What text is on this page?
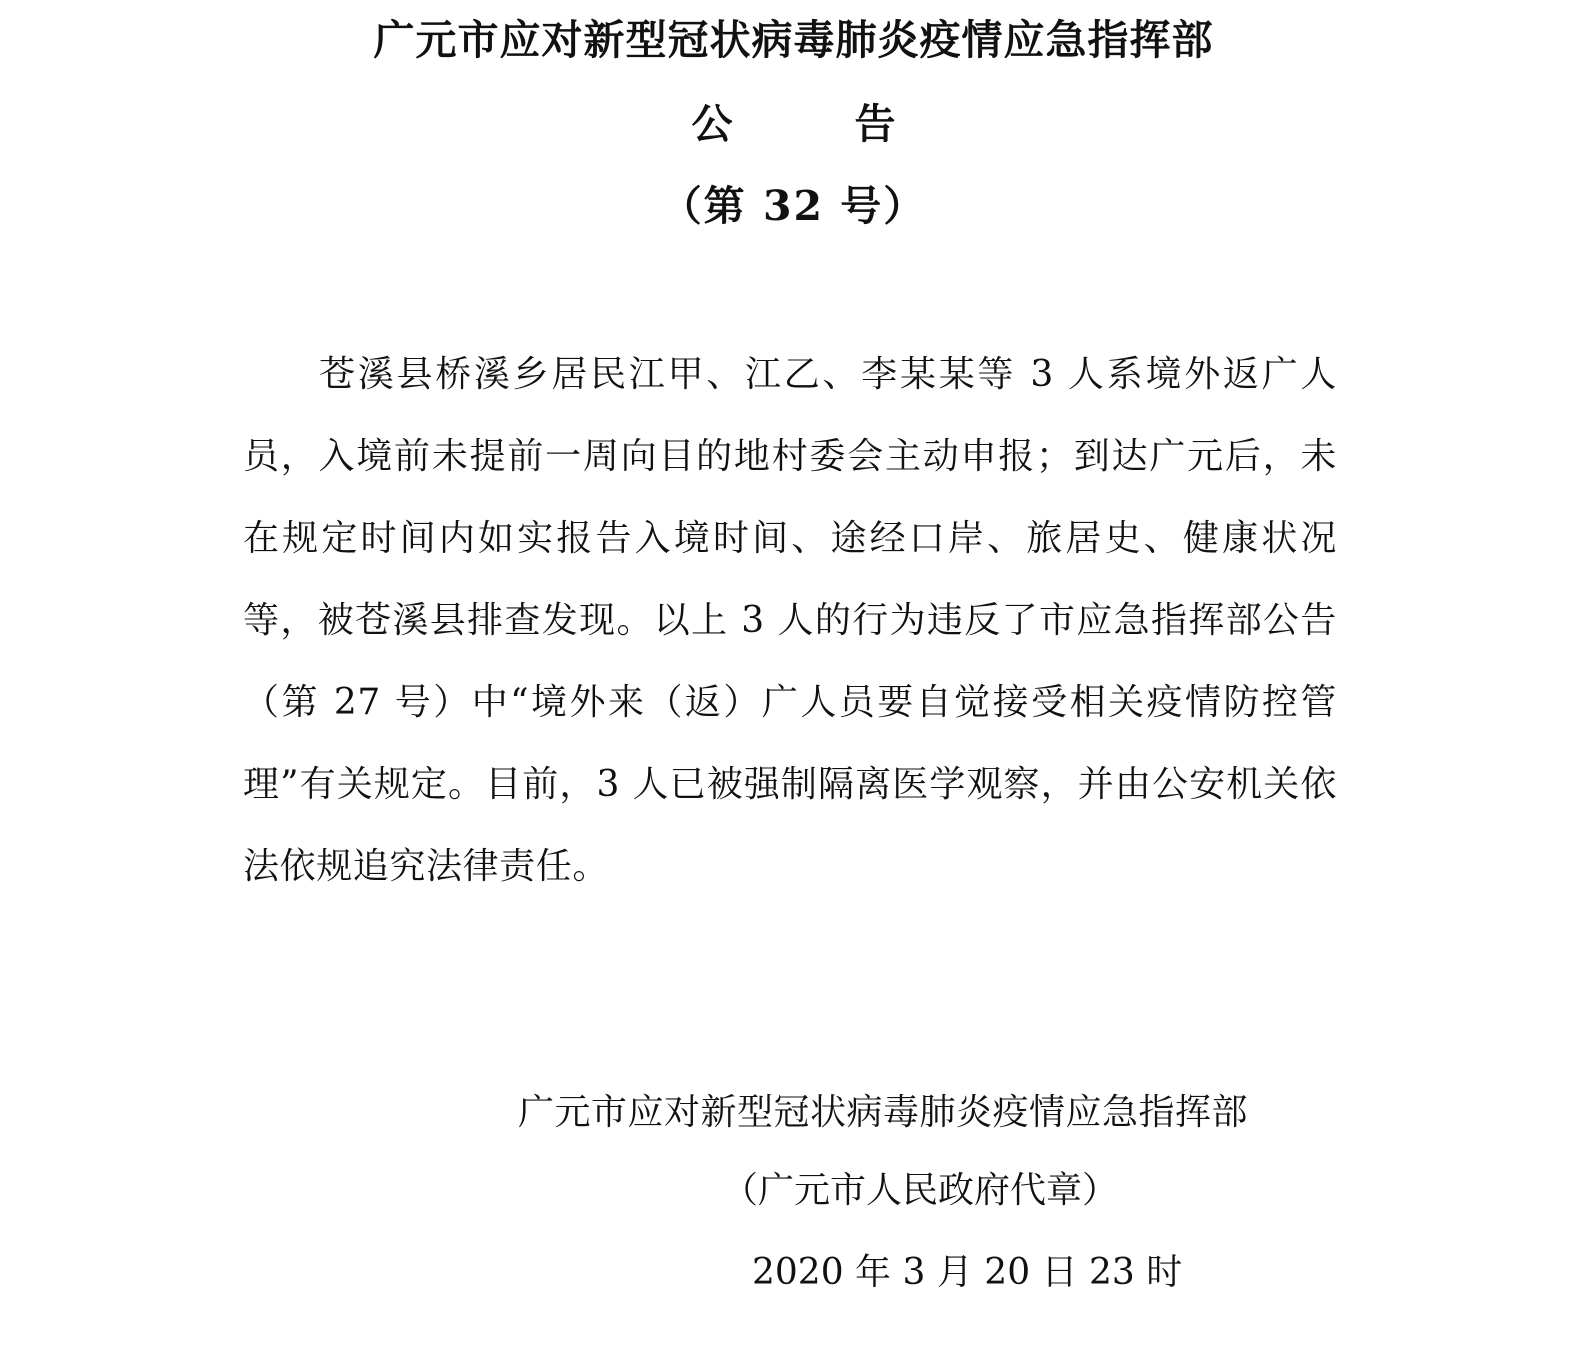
广元市应对新型冠状病毒肺炎疫情应急指挥部
公	告
（第 32 号）
苍溪县桥溪乡居民江甲、江乙、李某某等 3 人系境外返广人员，入境前未提前一周向目的地村委会主动申报；到达广元后，未在规定时间内如实报告入境时间、途经口岸、旅居史、健康状况等，被苍溪县排查发现。以上 3 人的行为违反了市应急指挥部公告（第 27 号）中“境外来（返）广人员要自觉接受相关疫情防控管理”有关规定。目前，3 人已被强制隔离医学观察，并由公安机关依法依规追究法律责任。
广元市应对新型冠状病毒肺炎疫情应急指挥部
（广元市人民政府代章）
2020 年 3 月 20 日 23 时
